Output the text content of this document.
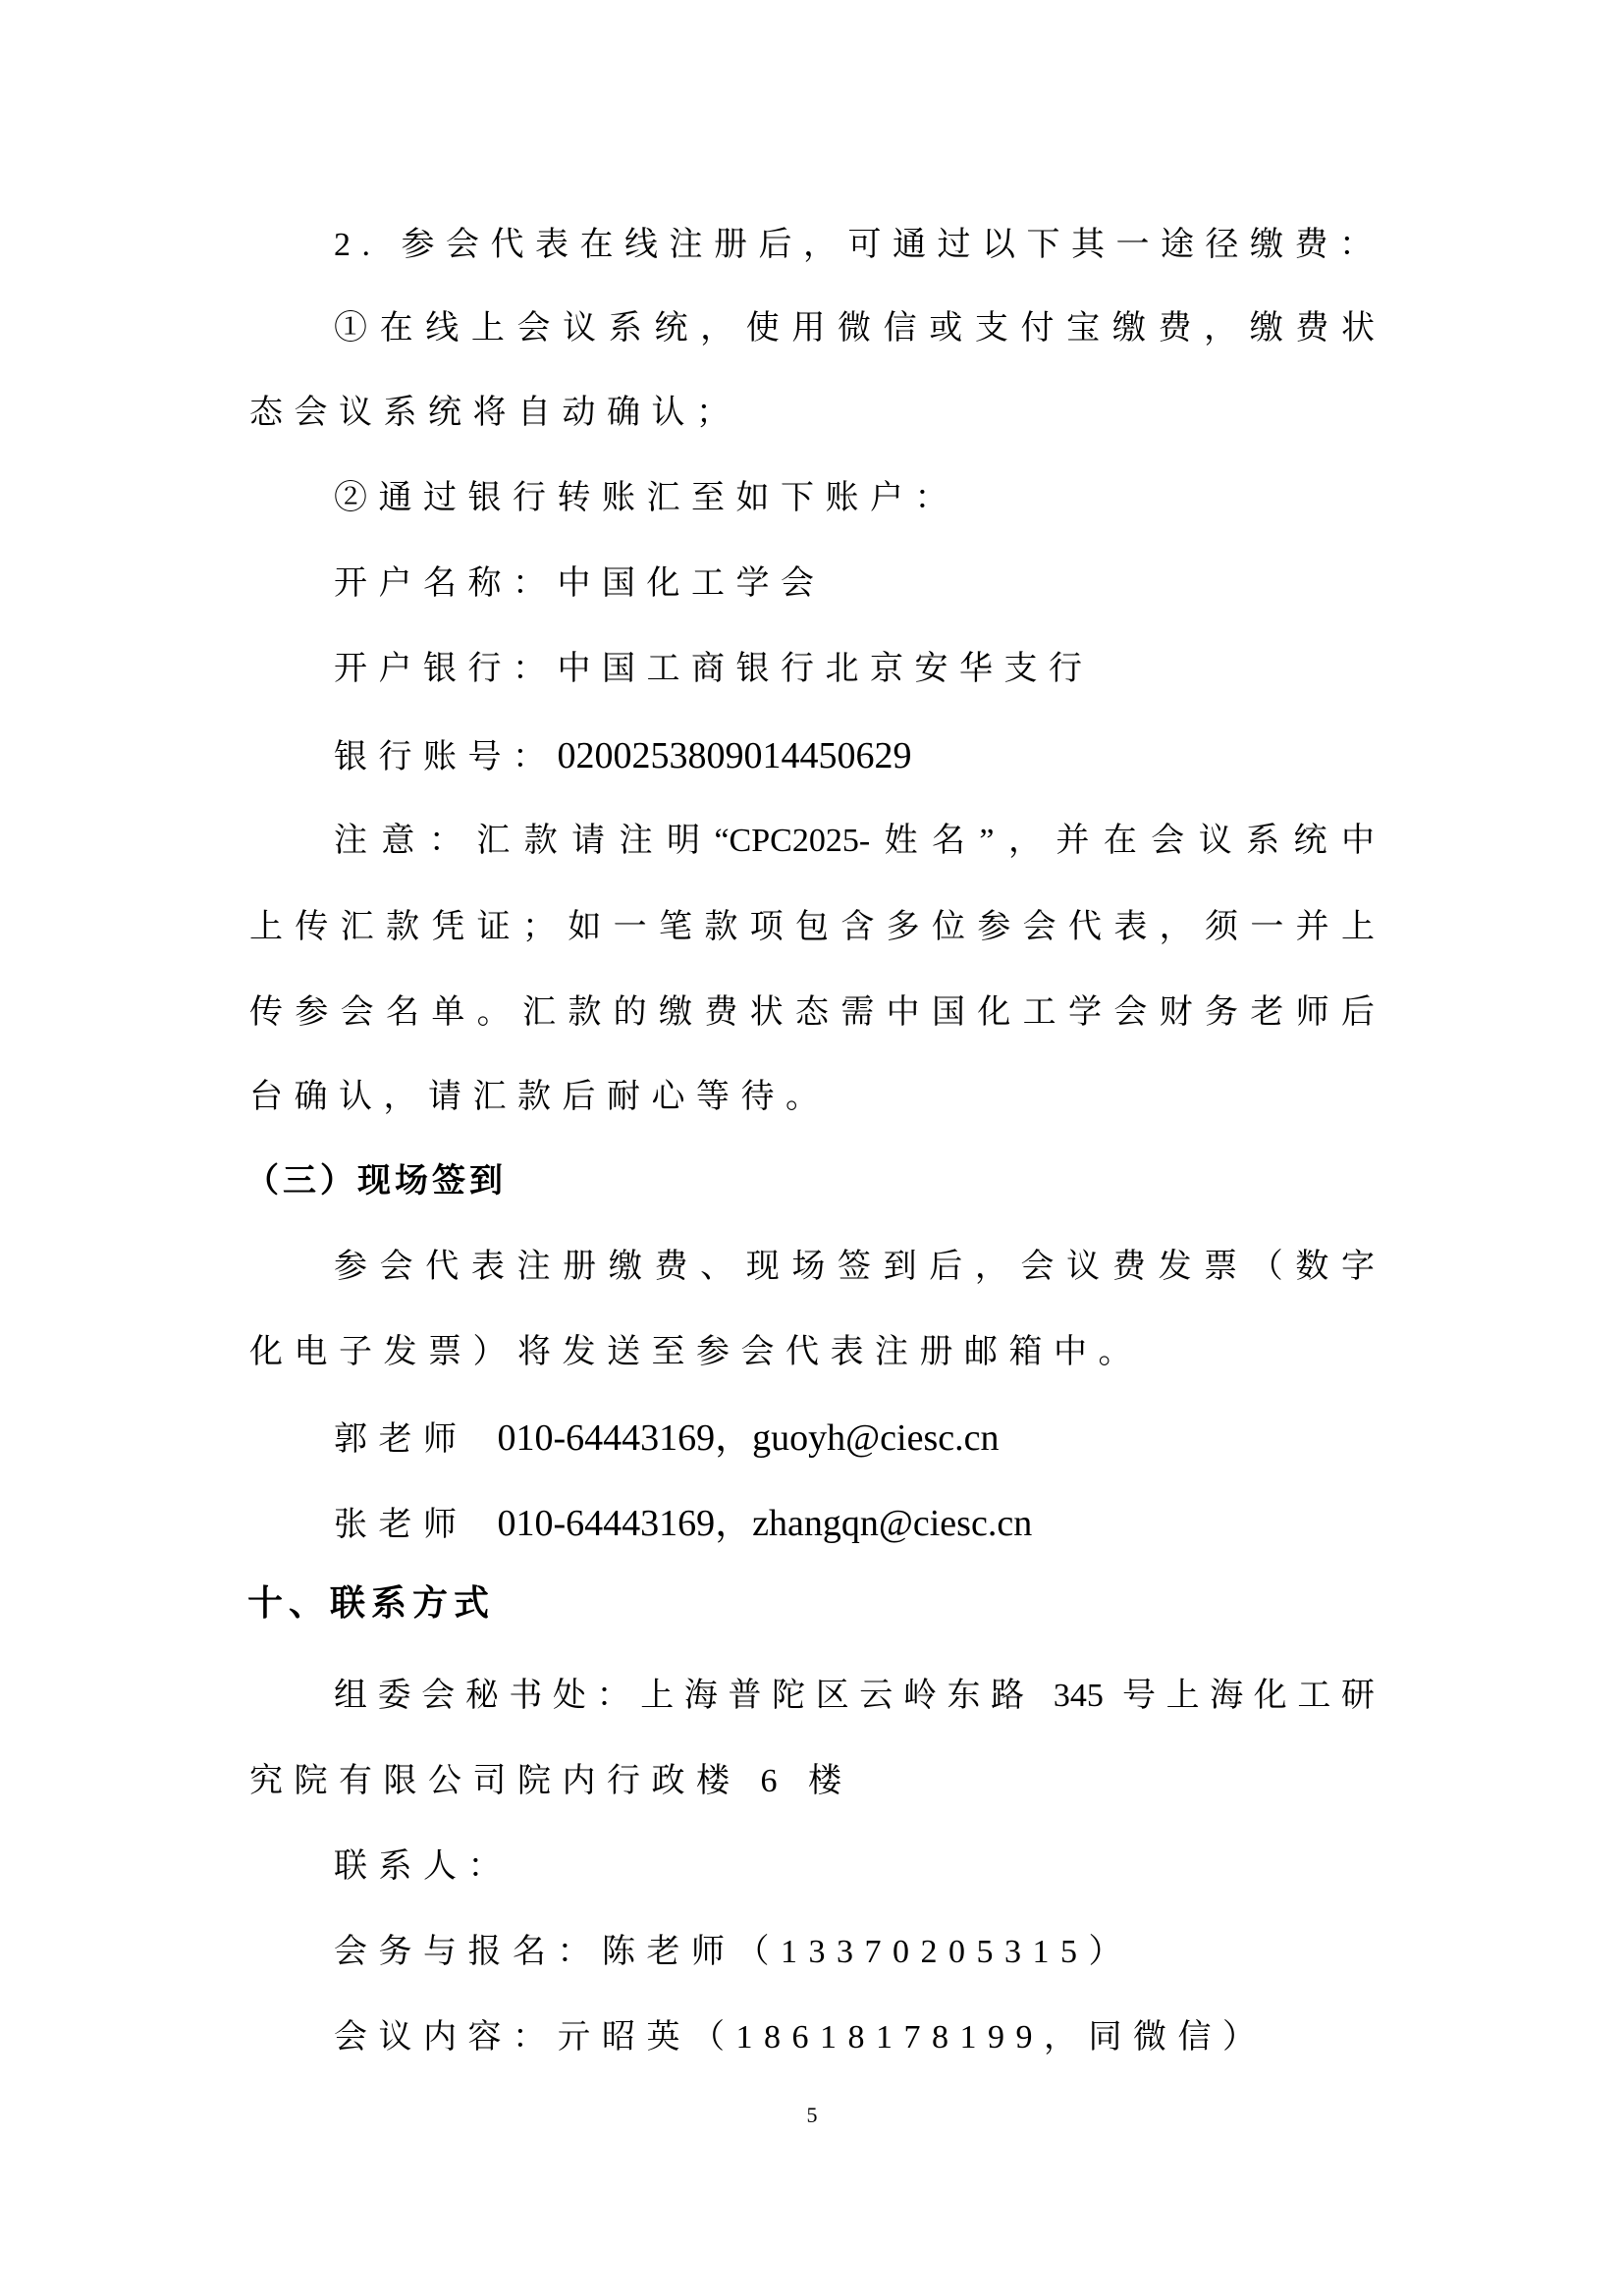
2. 参会代表在线注册后，可通过以下其一途径缴费：
①在线上会议系统，使用微信或支付宝缴费，缴费状
态会议系统将自动确认；
②通过银行转账汇至如下账户：
开户名称：中国化工学会
开户银行：中国工商银行北京安华支行
银行账号：0200253809014450629
注意：汇款请注明“CPC2025-姓名”，并在会议系统中
上传汇款凭证；如一笔款项包含多位参会代表，须一并上
传参会名单。汇款的缴费状态需中国化工学会财务老师后
台确认，请汇款后耐心等待。
（三）现场签到
参会代表注册缴费、现场签到后，会议费发票（数字
化电子发票）将发送至参会代表注册邮箱中。
郭老师 010-64443169，guoyh@ciesc.cn
张老师 010-64443169，zhangqn@ciesc.cn
十、联系方式
组委会秘书处：上海普陀区云岭东路 345 号上海化工研
究院有限公司院内行政楼 6 楼
联系人：
会务与报名：陈老师（13370205315）
会议内容：亓昭英（18618178199，同微信）
5
